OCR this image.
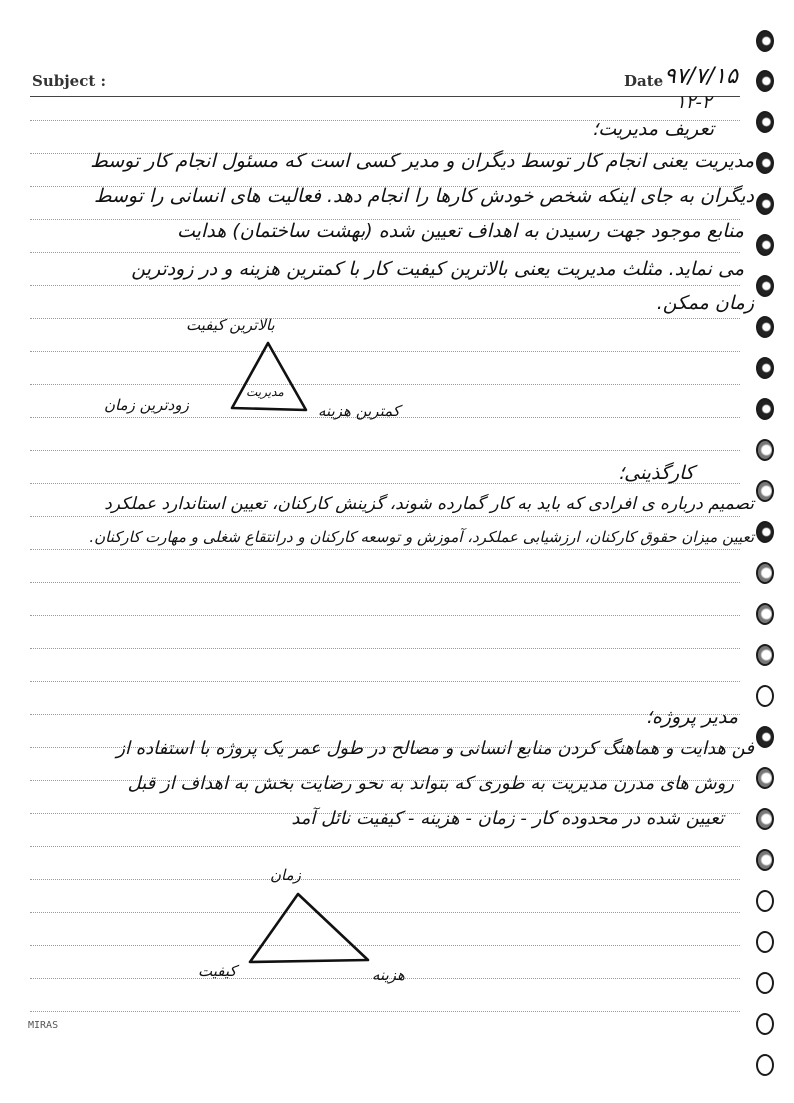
Subject :	Date ۹۷/۷/۱۵
۱۲-۲
تعریف مدیریت؛
مدیریت یعنی انجام کار توسط دیگران و مدیر کسی است که مسئول انجام کار توسط
دیگران به جای اینکه شخص خودش کارها را انجام دهد. فعالیت های انسانی را توسط
منابع موجود جهت رسیدن به اهداف تعیین شده (بهشت ساختمان) هدایت
می نماید. مثلث مدیریت یعنی بالاترین کیفیت کار با کمترین هزینه و در زودترین
زمان ممکن.
بالاترین کیفیت
مدیریت
زودترین زمان	کمترین هزینه
کارگذینی؛
تصمیم درباره ی افرادی که باید به کار گمارده شوند، گزینش کارکنان، تعیین استاندارد عملکرد
تعیین میزان حقوق کارکنان، ارزشیابی عملکرد، آموزش و توسعه کارکنان و درانتقاع شغلی و مهارت کارکنان.
مدیر پروژه؛
فن هدایت و هماهنگ کردن منابع انسانی و مصالح در طول عمر یک پروژه با استفاده از
روش های مدرن مدیریت به طوری که بتواند به نحو رضایت بخش به اهداف از قبل
تعیین شده در محدوده کار - زمان - هزینه - کیفیت نائل آمد
زمان
کیفیت	هزینه
MIRAS
